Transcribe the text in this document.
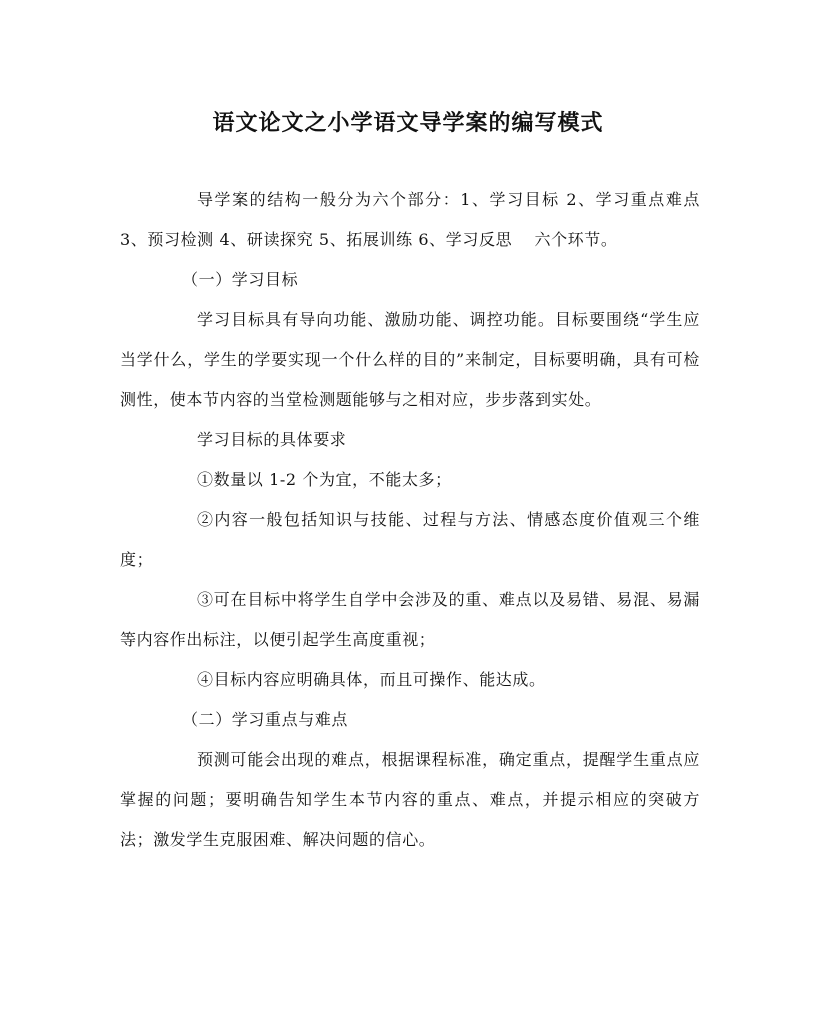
语文论文之小学语文导学案的编写模式

导学案的结构一般分为六个部分：1、学习目标 2、学习重点难点 3、预习检测 4、研读探究 5、拓展训练 6、学习反思　 六个环节。

（一）学习目标

学习目标具有导向功能、激励功能、调控功能。目标要围绕“学生应当学什么，学生的学要实现一个什么样的目的”来制定，目标要明确，具有可检测性，使本节内容的当堂检测题能够与之相对应，步步落到实处。

学习目标的具体要求

①数量以 1-2 个为宜，不能太多；

②内容一般包括知识与技能、过程与方法、情感态度价值观三个维度；

③可在目标中将学生自学中会涉及的重、难点以及易错、易混、易漏等内容作出标注，以便引起学生高度重视；

④目标内容应明确具体，而且可操作、能达成。

（二）学习重点与难点

预测可能会出现的难点，根据课程标准，确定重点，提醒学生重点应掌握的问题；要明确告知学生本节内容的重点、难点，并提示相应的突破方法；激发学生克服困难、解决问题的信心。
